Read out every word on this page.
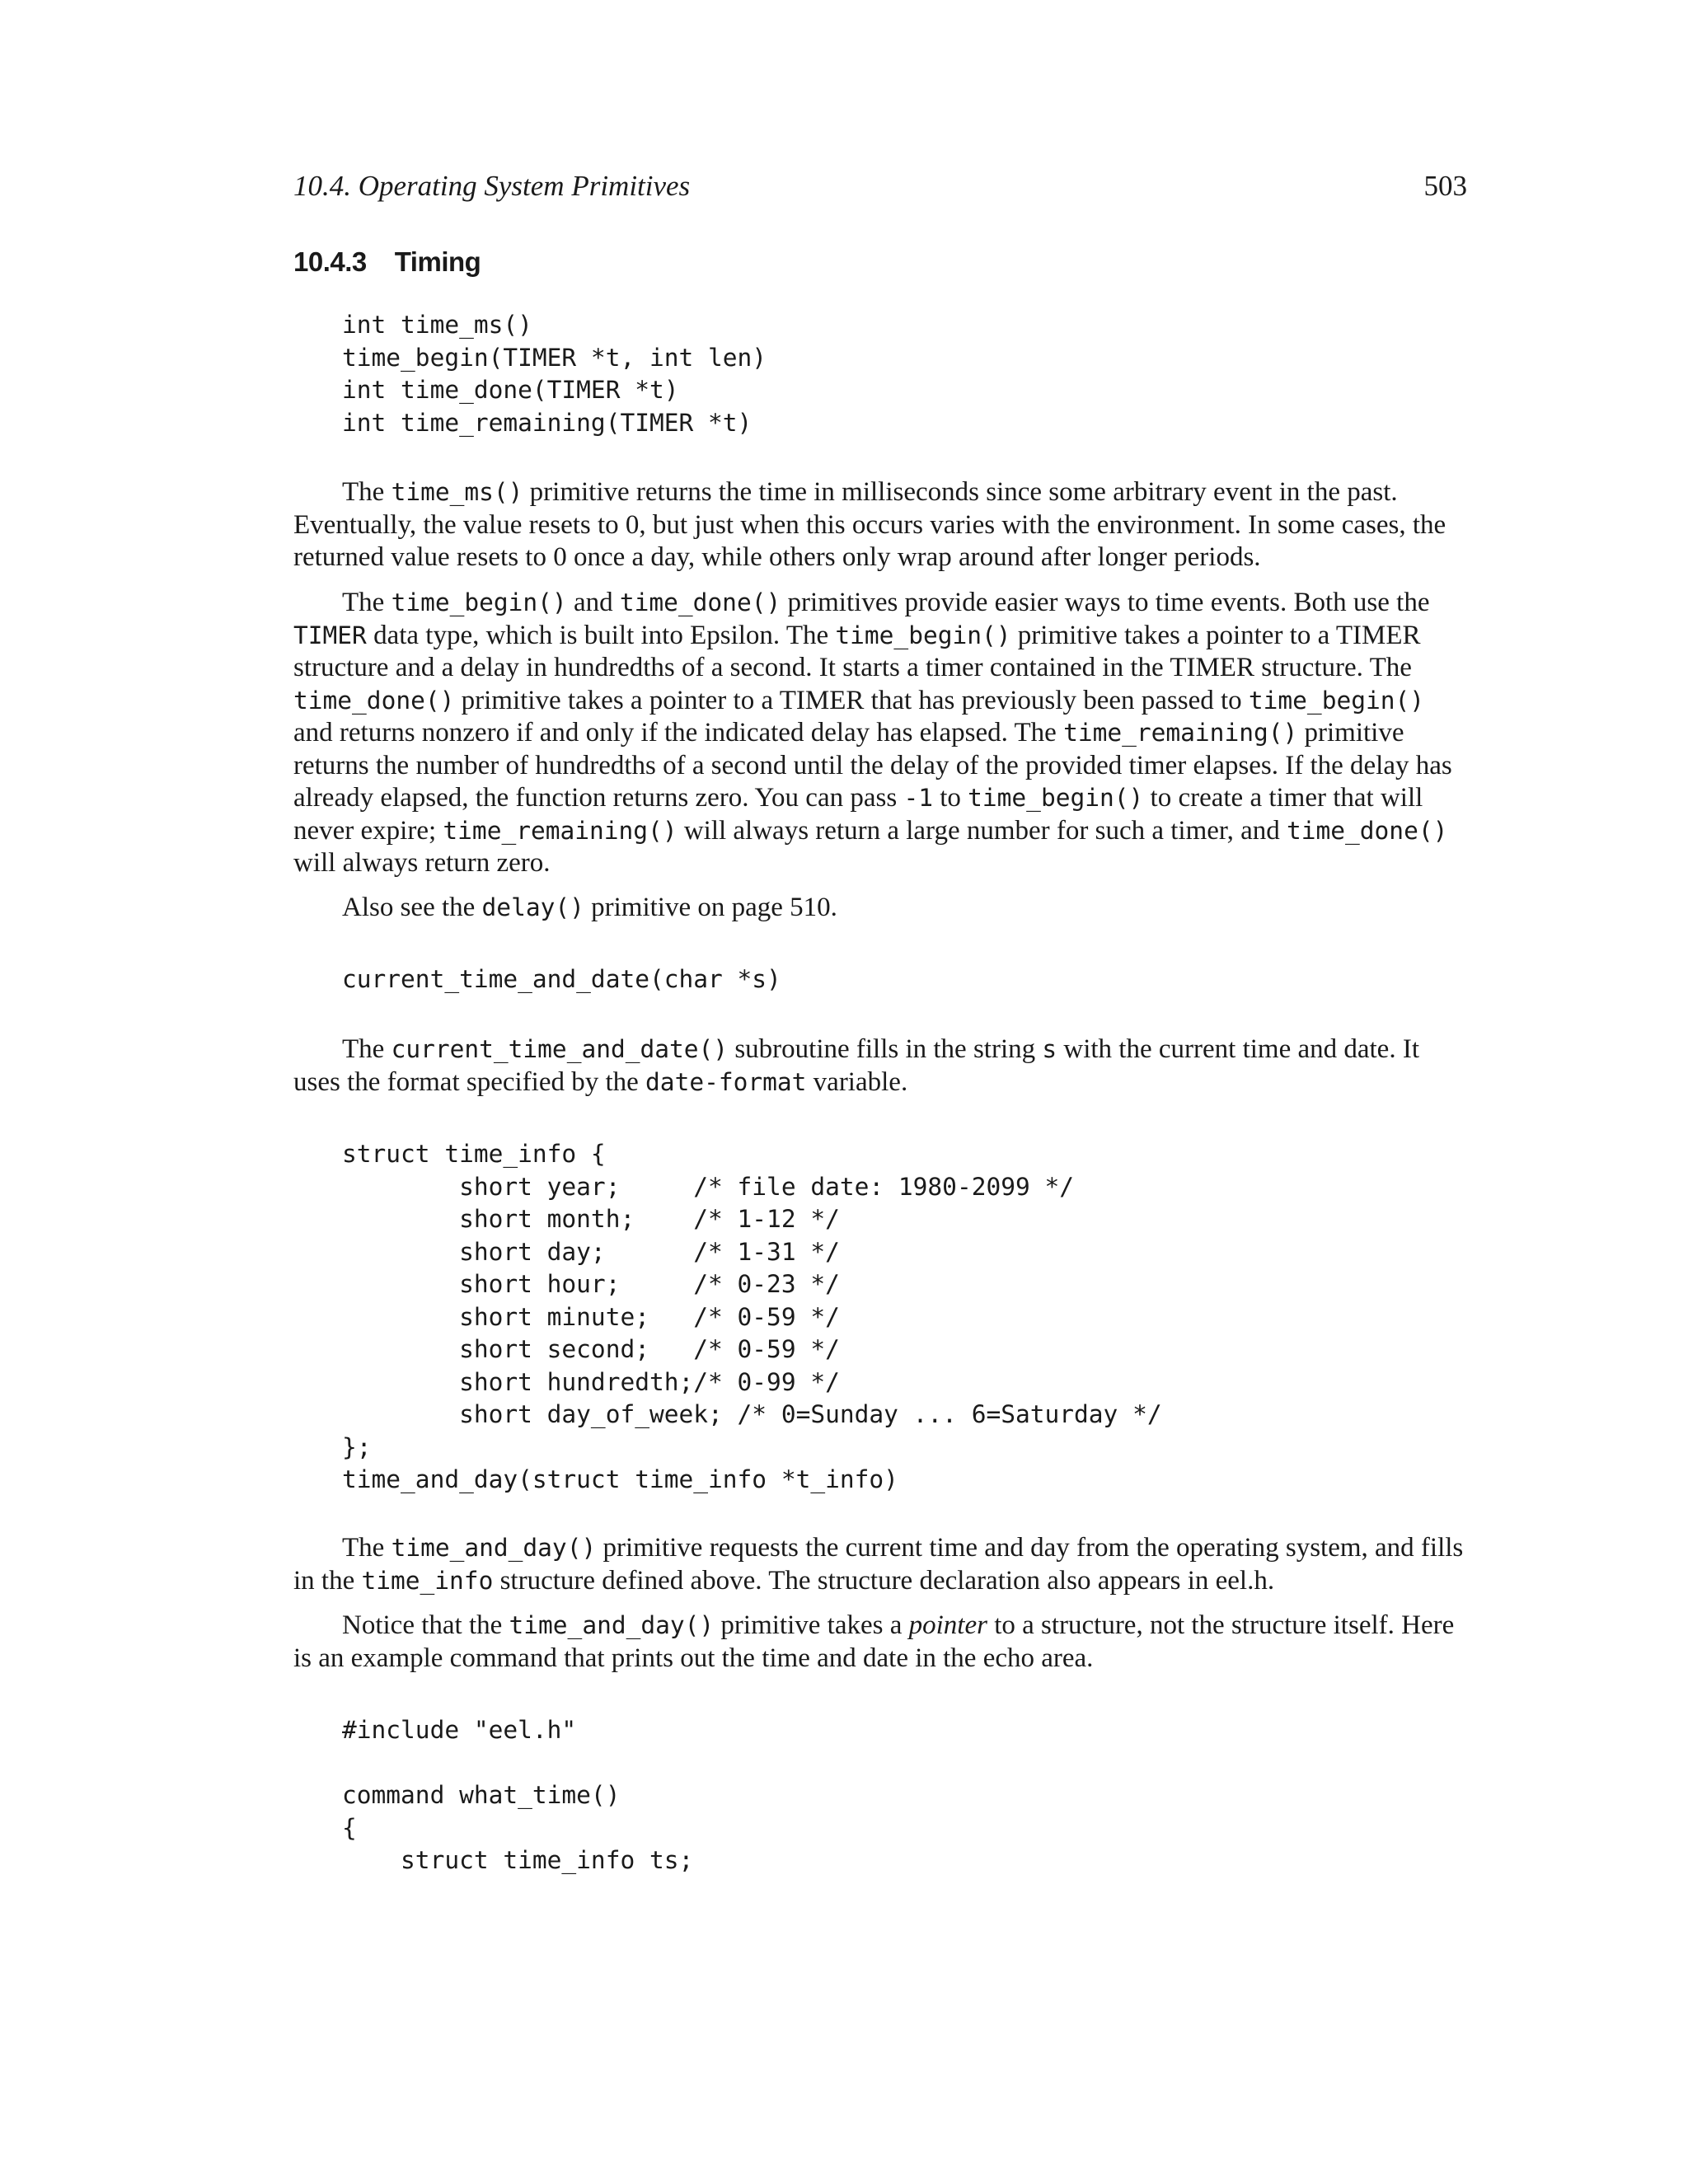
10.4. Operating System Primitives	503
10.4.3 Timing
int time_ms()
time_begin(TIMER *t, int len)
int time_done(TIMER *t)
int time_remaining(TIMER *t)

The time_ms() primitive returns the time in milliseconds since some arbitrary event in the past. Eventually, the value resets to 0, but just when this occurs varies with the environment. In some cases, the returned value resets to 0 once a day, while others only wrap around after longer periods.

The time_begin() and time_done() primitives provide easier ways to time events. Both use the TIMER data type, which is built into Epsilon. The time_begin() primitive takes a pointer to a TIMER structure and a delay in hundredths of a second. It starts a timer contained in the TIMER structure. The time_done() primitive takes a pointer to a TIMER that has previously been passed to time_begin() and returns nonzero if and only if the indicated delay has elapsed. The time_remaining() primitive returns the number of hundredths of a second until the delay of the provided timer elapses. If the delay has already elapsed, the function returns zero. You can pass -1 to time_begin() to create a timer that will never expire; time_remaining() will always return a large number for such a timer, and time_done() will always return zero.

Also see the delay() primitive on page 510.

current_time_and_date(char *s)

The current_time_and_date() subroutine fills in the string s with the current time and date. It uses the format specified by the date-format variable.

struct time_info {
short year;     /* file date: 1980-2099 */
short month;    /* 1-12 */
short day;      /* 1-31 */
short hour;     /* 0-23 */
short minute;   /* 0-59 */
short second;   /* 0-59 */
short hundredth;/* 0-99 */
short day_of_week; /* 0=Sunday ... 6=Saturday */
};
time_and_day(struct time_info *t_info)

The time_and_day() primitive requests the current time and day from the operating system, and fills in the time_info structure defined above. The structure declaration also appears in eel.h.

Notice that the time_and_day() primitive takes a pointer to a structure, not the structure itself. Here is an example command that prints out the time and date in the echo area.

#include "eel.h"

command what_time()
{
struct time_info ts;
